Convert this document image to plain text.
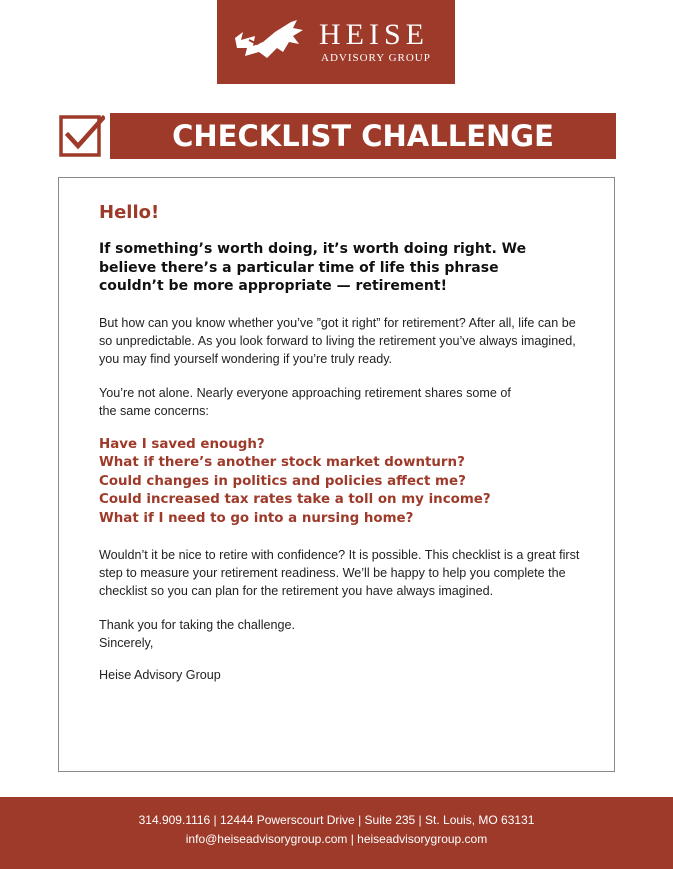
HEISE
ADVISORY GROUP
CHECKLIST CHALLENGE
Hello!

If something’s worth doing, it’s worth doing right. We believe there’s a particular time of life this phrase couldn’t be more appropriate — retirement!

But how can you know whether you’ve ”got it right” for retirement? After all, life can be so unpredictable. As you look forward to living the retirement you’ve always imagined, you may find yourself wondering if you’re truly ready.

You’re not alone. Nearly everyone approaching retirement shares some of the same concerns:

Have I saved enough?
What if there’s another stock market downturn?
Could changes in politics and policies affect me?
Could increased tax rates take a toll on my income?
What if I need to go into a nursing home?

Wouldn’t it be nice to retire with confidence? It is possible. This checklist is a great first step to measure your retirement readiness. We’ll be happy to help you complete the checklist so you can plan for the retirement you have always imagined.

Thank you for taking the challenge.

Sincerely,

Heise Advisory Group

314.909.1116 | 12444 Powerscourt Drive | Suite 235 | St. Louis, MO 63131
info@heiseadvisorygroup.com | heiseadvisorygroup.com
